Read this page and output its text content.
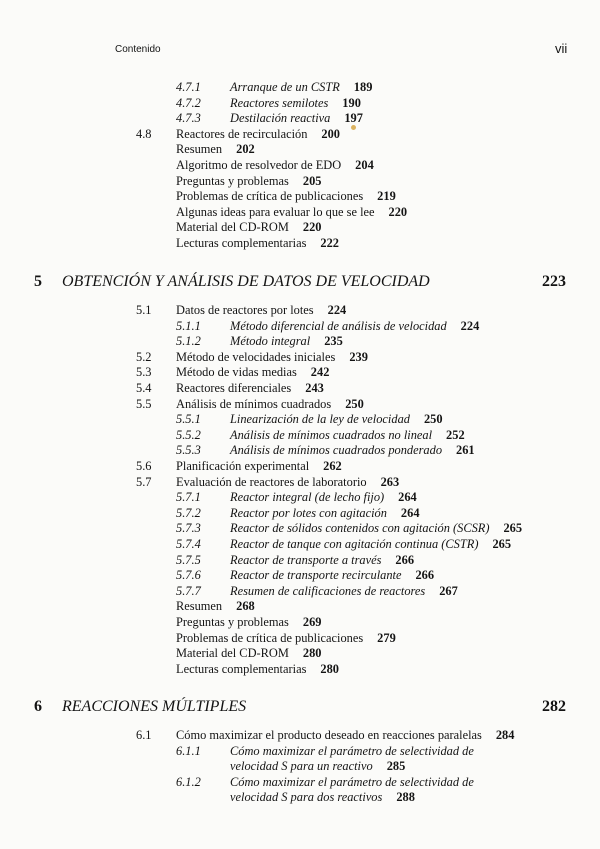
Contenido	vii
4.7.1 Arranque de un CSTR 189
4.7.2 Reactores semilotes 190
4.7.3 Destilación reactiva 197
4.8 Reactores de recirculación 200
Resumen 202
Algoritmo de resolvedor de EDO 204
Preguntas y problemas 205
Problemas de crítica de publicaciones 219
Algunas ideas para evaluar lo que se lee 220
Material del CD-ROM 220
Lecturas complementarias 222
5 OBTENCIÓN Y ANÁLISIS DE DATOS DE VELOCIDAD	223
5.1 Datos de reactores por lotes 224
5.1.1 Método diferencial de análisis de velocidad 224
5.1.2 Método integral 235
5.2 Método de velocidades iniciales 239
5.3 Método de vidas medias 242
5.4 Reactores diferenciales 243
5.5 Análisis de mínimos cuadrados 250
5.5.1 Linearización de la ley de velocidad 250
5.5.2 Análisis de mínimos cuadrados no lineal 252
5.5.3 Análisis de mínimos cuadrados ponderado 261
5.6 Planificación experimental 262
5.7 Evaluación de reactores de laboratorio 263
5.7.1 Reactor integral (de lecho fijo) 264
5.7.2 Reactor por lotes con agitación 264
5.7.3 Reactor de sólidos contenidos con agitación (SCSR) 265
5.7.4 Reactor de tanque con agitación continua (CSTR) 265
5.7.5 Reactor de transporte a través 266
5.7.6 Reactor de transporte recirculante 266
5.7.7 Resumen de calificaciones de reactores 267
Resumen 268
Preguntas y problemas 269
Problemas de crítica de publicaciones 279
Material del CD-ROM 280
Lecturas complementarias 280
6 REACCIONES MÚLTIPLES	282
6.1 Cómo maximizar el producto deseado en reacciones paralelas 284
6.1.1 Cómo maximizar el parámetro de selectividad de
velocidad S para un reactivo 285
6.1.2 Cómo maximizar el parámetro de selectividad de
velocidad S para dos reactivos 288
